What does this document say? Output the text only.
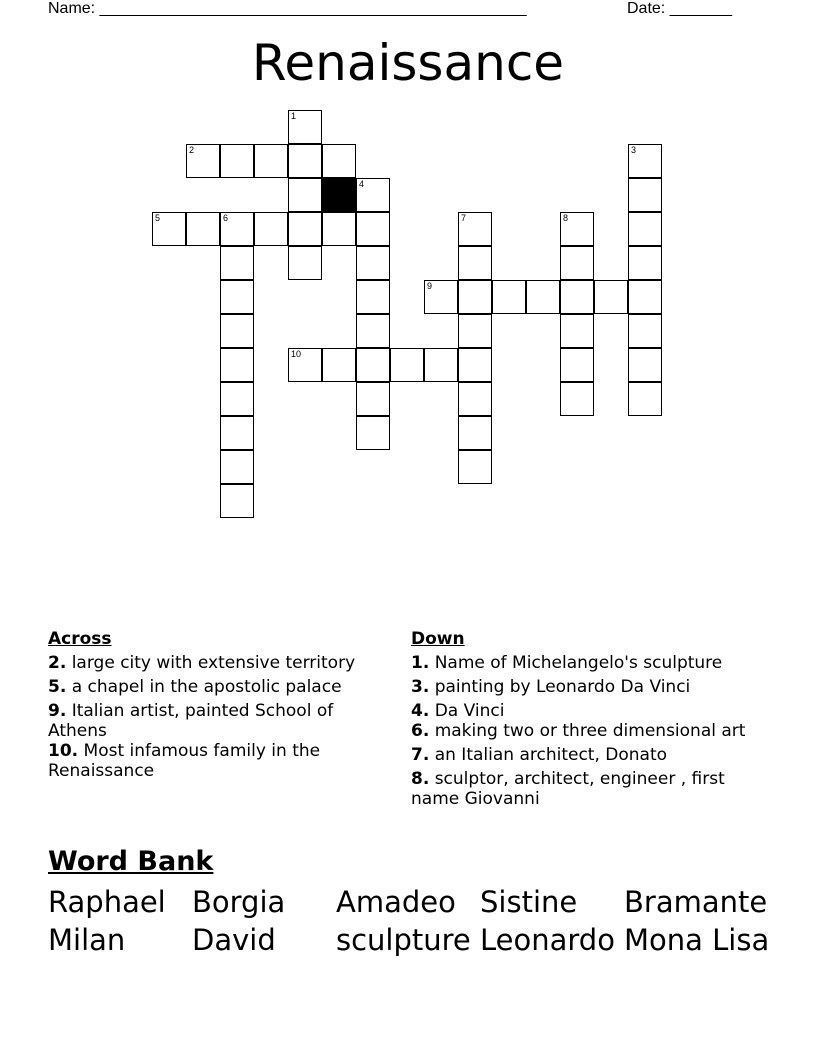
Name: ________________________________________________	Date: _______
Renaissance
2
5	6
9
10
1
3
4
7	8
Across
2. large city with extensive territory
5. a chapel in the apostolic palace
9. Italian artist, painted School of Athens
10. Most infamous family in the Renaissance
Down
1. Name of Michelangelo's sculpture
3. painting by Leonardo Da Vinci
4. Da Vinci
6. making two or three dimensional art
7. an Italian architect, Donato
8. sculptor, architect, engineer , first name Giovanni
Word Bank
Raphael Borgia	Amadeo Sistine	Bramante
Milan	David	sculpture Leonardo Mona Lisa
